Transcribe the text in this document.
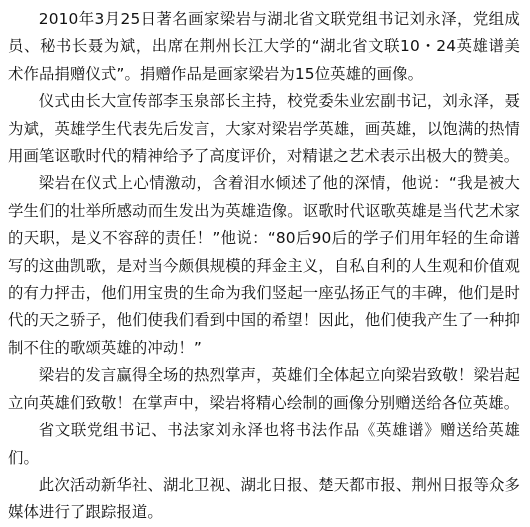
2010年3月25日著名画家梁岩与湖北省文联党组书记刘永泽，党组成员、秘书长聂为斌，出席在荆州长江大学的“湖北省文联10・24英雄谱美术作品捐赠仪式”。捐赠作品是画家梁岩为15位英雄的画像。

仪式由长大宣传部李玉泉部长主持，校党委朱业宏副书记，刘永泽，聂为斌，英雄学生代表先后发言，大家对梁岩学英雄，画英雄，以饱满的热情用画笔讴歌时代的精神给予了高度评价，对精谌之艺术表示出极大的赞美。

梁岩在仪式上心情激动，含着泪水倾述了他的深情，他说：“我是被大学生们的壮举所感动而生发出为英雄造像。讴歌时代讴歌英雄是当代艺术家的天职，是义不容辞的责任！”他说：“80后90后的学子们用年轻的生命谱写的这曲凯歌，是对当今颇俱规模的拜金主义，自私自利的人生观和价值观的有力抨击，他们用宝贵的生命为我们竖起一座弘扬正气的丰碑，他们是时代的天之骄子，他们使我们看到中国的希望！因此，他们使我产生了一种抑制不住的歌颂英雄的冲动！”

梁岩的发言赢得全场的热烈掌声，英雄们全体起立向梁岩致敬！梁岩起立向英雄们致敬！在掌声中，梁岩将精心绘制的画像分别赠送给各位英雄。

省文联党组书记、书法家刘永泽也将书法作品《英雄谱》赠送给英雄们。

此次活动新华社、湖北卫视、湖北日报、楚天都市报、荆州日报等众多媒体进行了跟踪报道。
